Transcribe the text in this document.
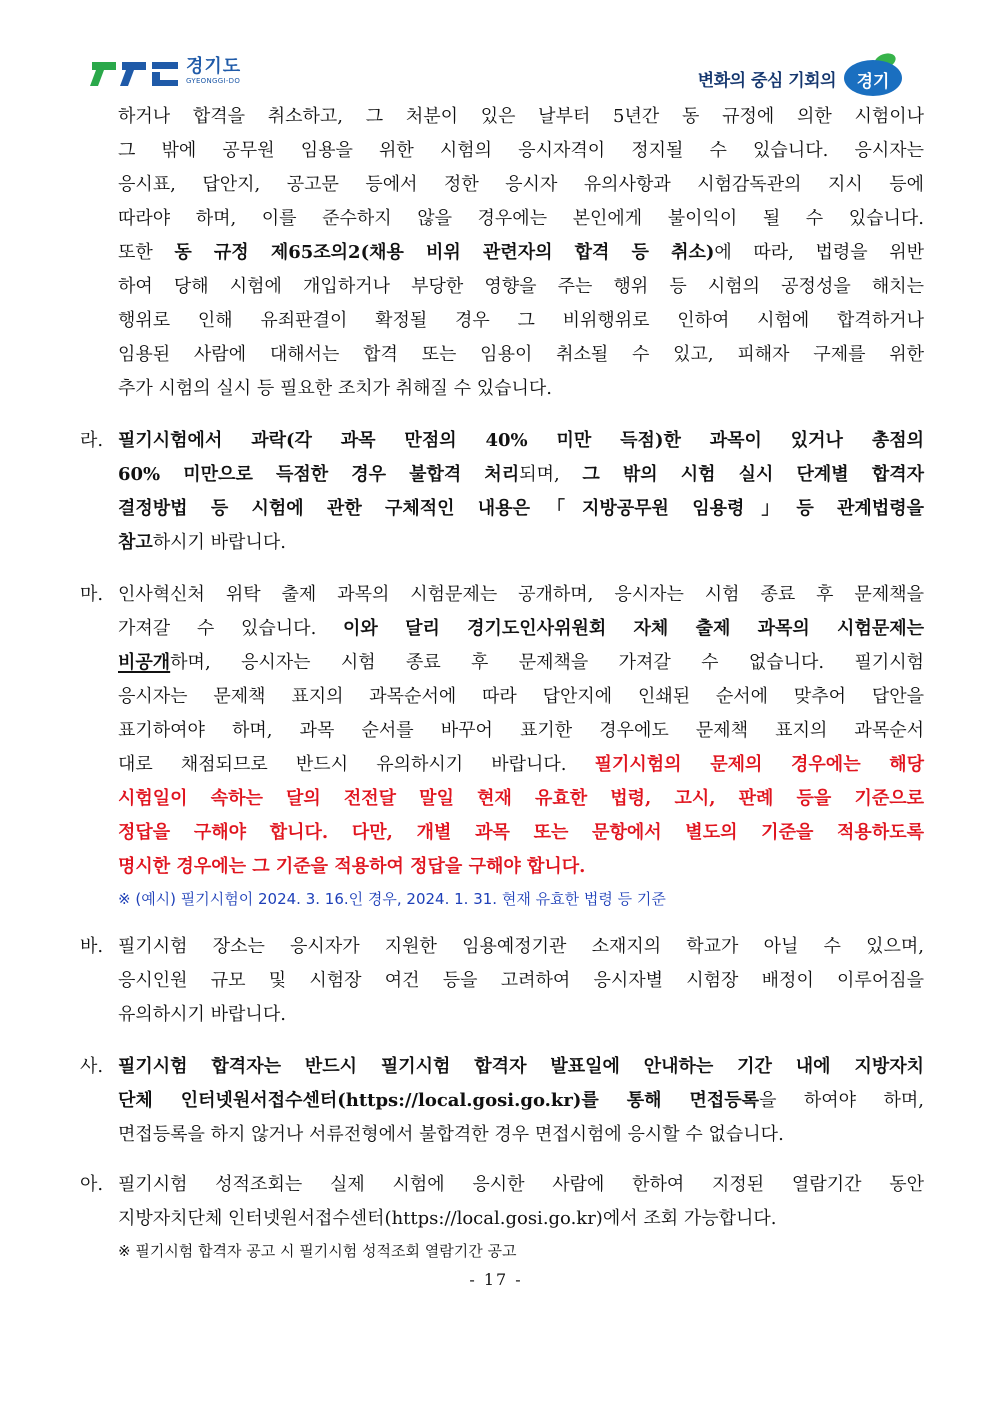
경기도
GYEONGGI-DO	변화의 중심 기회의	경기

하거나 합격을 취소하고, 그 처분이 있은 날부터 5년간 동 규정에 의한 시험이나

그 밖에 공무원 임용을 위한 시험의 응시자격이 정지될 수 있습니다. 응시자는

응시표, 답안지, 공고문 등에서 정한 응시자 유의사항과 시험감독관의 지시 등에

따라야 하며, 이를 준수하지 않을 경우에는 본인에게 불이익이 될 수 있습니다.

또한 동 규정 제65조의2(채용 비위 관련자의 합격 등 취소)에 따라, 법령을 위반

하여 당해 시험에 개입하거나 부당한 영향을 주는 행위 등 시험의 공정성을 해치는

행위로 인해 유죄판결이 확정될 경우 그 비위행위로 인하여 시험에 합격하거나

임용된 사람에 대해서는 합격 또는 임용이 취소될 수 있고, 피해자 구제를 위한

추가 시험의 실시 등 필요한 조치가 취해질 수 있습니다.

라. 필기시험에서 과락(각 과목 만점의 40% 미만 득점)한 과목이 있거나 총점의

60% 미만으로 득점한 경우 불합격 처리되며, 그 밖의 시험 실시 단계별 합격자

결정방법 등 시험에 관한 구체적인 내용은「지방공무원 임용령」등 관계법령을

참고하시기 바랍니다.

마. 인사혁신처 위탁 출제 과목의 시험문제는 공개하며, 응시자는 시험 종료 후 문제책을

가져갈 수 있습니다. 이와 달리 경기도인사위원회 자체 출제 과목의 시험문제는

비공개하며, 응시자는 시험 종료 후 문제책을 가져갈 수 없습니다. 필기시험

응시자는 문제책 표지의 과목순서에 따라 답안지에 인쇄된 순서에 맞추어 답안을

표기하여야 하며, 과목 순서를 바꾸어 표기한 경우에도 문제책 표지의 과목순서

대로 채점되므로 반드시 유의하시기 바랍니다. 필기시험의 문제의 경우에는 해당

시험일이 속하는 달의 전전달 말일 현재 유효한 법령, 고시, 판례 등을 기준으로

정답을 구해야 합니다. 다만, 개별 과목 또는 문항에서 별도의 기준을 적용하도록

명시한 경우에는 그 기준을 적용하여 정답을 구해야 합니다.

※ (예시) 필기시험이 2024. 3. 16.인 경우, 2024. 1. 31. 현재 유효한 법령 등 기준
바. 필기시험 장소는 응시자가 지원한 임용예정기관 소재지의 학교가 아닐 수 있으며,

응시인원 규모 및 시험장 여건 등을 고려하여 응시자별 시험장 배정이 이루어짐을

유의하시기 바랍니다.

사. 필기시험 합격자는 반드시 필기시험 합격자 발표일에 안내하는 기간 내에 지방자치

단체 인터넷원서접수센터(https://local.gosi.go.kr)를 통해 면접등록을 하여야 하며,

면접등록을 하지 않거나 서류전형에서 불합격한 경우 면접시험에 응시할 수 없습니다.

아. 필기시험 성적조회는 실제 시험에 응시한 사람에 한하여 지정된 열람기간 동안

지방자치단체 인터넷원서접수센터(https://local.gosi.go.kr)에서 조회 가능합니다.

※ 필기시험 합격자 공고 시 필기시험 성적조회 열람기간 공고
- 17 -
